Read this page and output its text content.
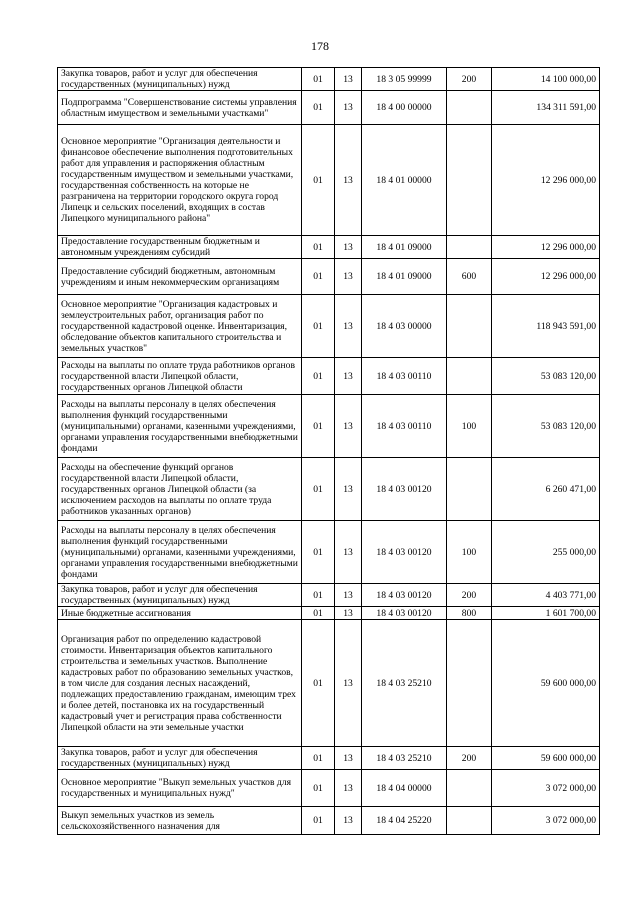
178
Закупка товаров, работ и услуг для обеспечения государственных (муниципальных) нужд	01	13	18 3 05 99999	200	14 100 000,00
Подпрограмма "Совершенствование системы управления областным имуществом и земельными участками"	01	13	18 4 00 00000		134 311 591,00
Основное мероприятие "Организация деятельности и финансовое обеспечение выполнения подготовительных работ для управления и распоряжения областным государственным имуществом и земельными участками, государственная собственность на которые не разграничена на территории городского округа город Липецк и сельских поселений, входящих в состав Липецкого муниципального района"	01	13	18 4 01 00000		12 296 000,00
Предоставление государственным бюджетным и автономным учреждениям субсидий	01	13	18 4 01 09000		12 296 000,00
Предоставление субсидий бюджетным, автономным учреждениям и иным некоммерческим организациям	01	13	18 4 01 09000	600	12 296 000,00
Основное мероприятие "Организация кадастровых и землеустроительных работ, организация работ по государственной кадастровой оценке. Инвентаризация, обследование объектов капитального строительства и земельных участков"	01	13	18 4 03 00000		118 943 591,00
Расходы на выплаты по оплате труда работников органов государственной власти Липецкой области, государственных органов Липецкой области	01	13	18 4 03 00110		53 083 120,00
Расходы на выплаты персоналу в целях обеспечения выполнения функций государственными (муниципальными) органами, казенными учреждениями, органами управления государственными внебюджетными фондами	01	13	18 4 03 00110	100	53 083 120,00
Расходы на обеспечение функций органов государственной власти Липецкой области, государственных органов Липецкой области (за исключением расходов на выплаты по оплате труда работников указанных органов)	01	13	18 4 03 00120		6 260 471,00
Расходы на выплаты персоналу в целях обеспечения выполнения функций государственными (муниципальными) органами, казенными учреждениями, органами управления государственными внебюджетными фондами	01	13	18 4 03 00120	100	255 000,00
Закупка товаров, работ и услуг для обеспечения государственных (муниципальных) нужд	01	13	18 4 03 00120	200	4 403 771,00
Иные бюджетные ассигнования	01	13	18 4 03 00120	800	1 601 700,00
Организация работ по определению кадастровой стоимости. Инвентаризация объектов капитального строительства и земельных участков. Выполнение кадастровых работ по образованию земельных участков, в том числе для создания лесных насаждений, подлежащих предоставлению гражданам, имеющим трех и более детей, постановка их на государственный кадастровый учет и регистрация права собственности Липецкой области на эти земельные участки	01	13	18 4 03 25210		59 600 000,00
Закупка товаров, работ и услуг для обеспечения государственных (муниципальных) нужд	01	13	18 4 03 25210	200	59 600 000,00
Основное мероприятие "Выкуп земельных участков для государственных и муниципальных нужд"	01	13	18 4 04 00000		3 072 000,00
Выкуп земельных участков из земель сельскохозяйственного назначения для	01	13	18 4 04 25220		3 072 000,00
